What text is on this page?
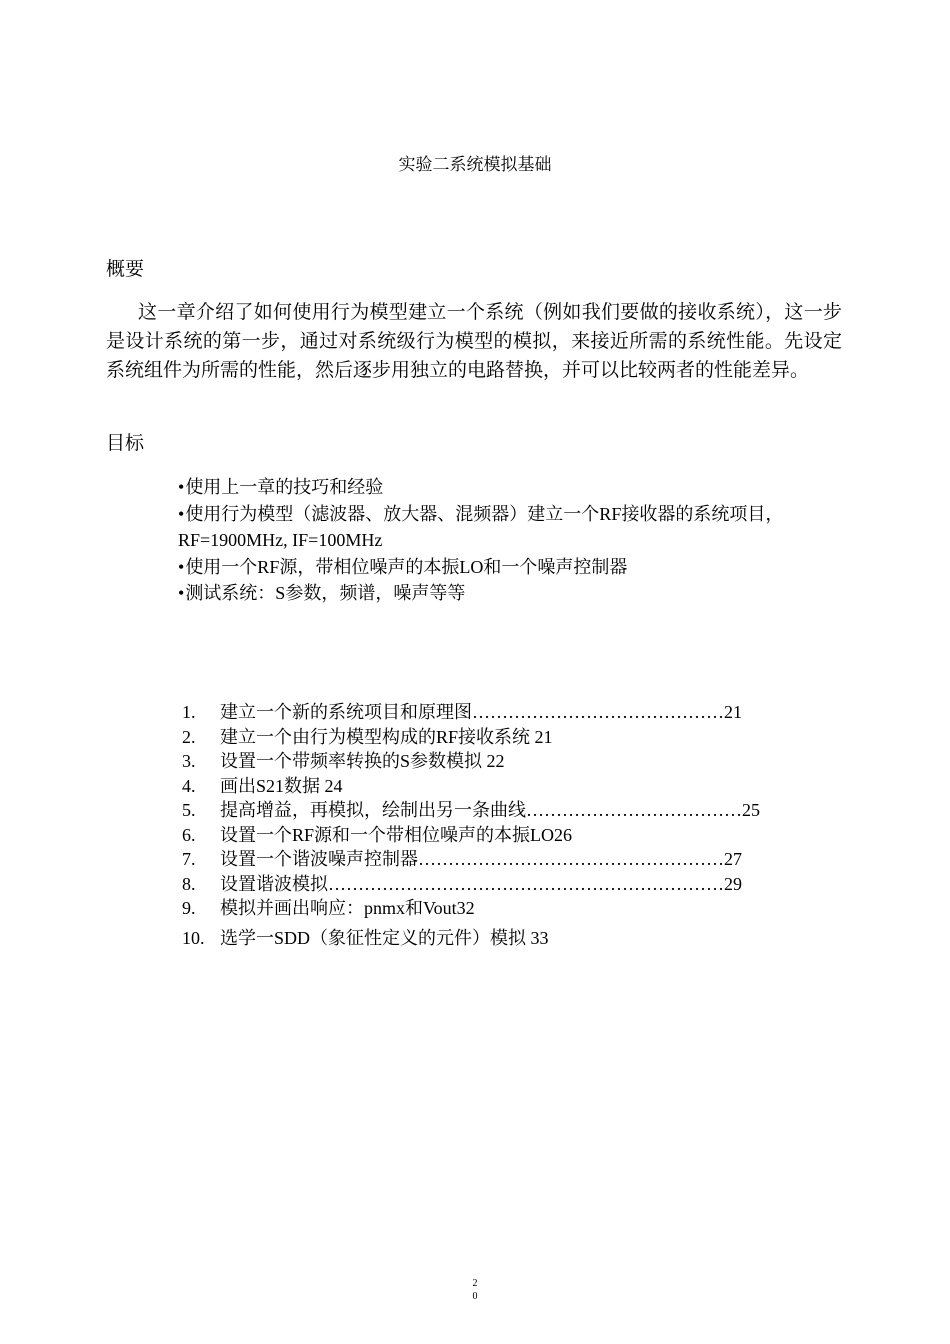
实验二系统模拟基础
概要

这一章介绍了如何使用行为模型建立一个系统（例如我们要做的接收系统），这一步是设计系统的第一步，通过对系统级行为模型的模拟，来接近所需的系统性能。先设定系统组件为所需的性能，然后逐步用独立的电路替换，并可以比较两者的性能差异。

目标
•使用上一章的技巧和经验
•使用行为模型（滤波器、放大器、混频器）建立一个RF接收器的系统项目，RF=1900MHz, IF=100MHz
•使用一个RF源，带相位噪声的本振LO和一个噪声控制器
•测试系统：S参数，频谱，噪声等等
1. 建立一个新的系统项目和原理图……………………………………21
2. 建立一个由行为模型构成的RF接收系统 21
3. 设置一个带频率转换的S参数模拟 22
4. 画出S21数据 24
5. 提高增益，再模拟，绘制出另一条曲线………………………………25
6. 设置一个RF源和一个带相位噪声的本振LO26
7. 设置一个谐波噪声控制器……………………………………………27
8. 设置谐波模拟…………………………………………………………29
9. 模拟并画出响应：pnmx和Vout32
10. 选学一SDD（象征性定义的元件）模拟 33
2
0
